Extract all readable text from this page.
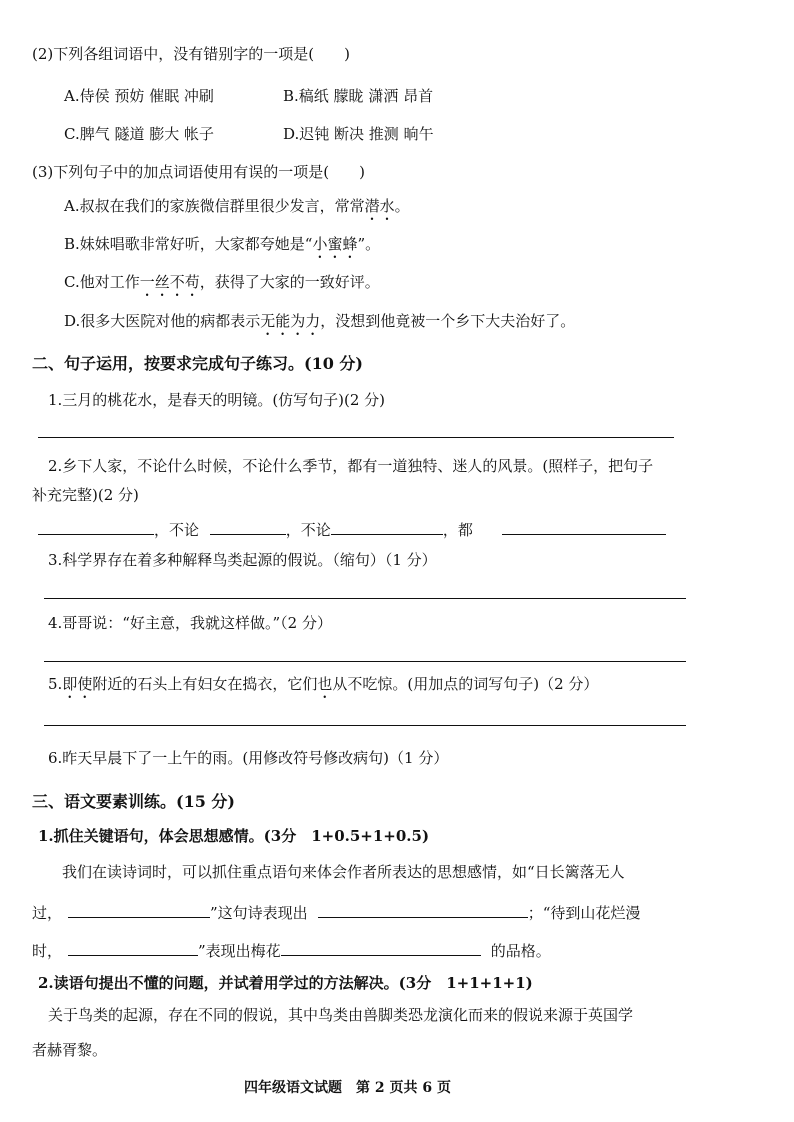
(2)下列各组词语中，没有错别字的一项是(　　)
A.侍侯 预妨 催眠 冲刷	B.稿纸 朦眬 潇洒 昂首
C.脾气 隧道 膨大 帐子	D.迟钝 断决 推测 晌午
(3)下列句子中的加点词语使用有误的一项是(　　)
A.叔叔在我们的家族微信群里很少发言，常常潜水。
B.妹妹唱歌非常好听，大家都夸她是“小蜜蜂”。
C.他对工作一丝不苟，获得了大家的一致好评。
D.很多大医院对他的病都表示无能为力，没想到他竟被一个乡下大夫治好了。
二、句子运用，按要求完成句子练习。(10 分)
1.三月的桃花水，是春天的明镜。(仿写句子)(2 分)
2.乡下人家，不论什么时候，不论什么季节，都有一道独特、迷人的风景。(照样子，把句子
补充完整)(2 分)
，不论	，不论	，都
3.科学界存在着多种解释鸟类起源的假说。（缩句）（1 分）
4.哥哥说：“好主意，我就这样做。”（2 分）
5.即使附近的石头上有妇女在捣衣，它们也从不吃惊。(用加点的词写句子)（2 分）
6.昨天早晨下了一上午的雨。(用修改符号修改病句)（1 分）
三、语文要素训练。(15 分)
1.抓住关键语句，体会思想感情。(3分　1+0.5+1+0.5)
我们在读诗词时，可以抓住重点语句来体会作者所表达的思想感情，如“日长篱落无人
过，	”这句诗表现出	；“待到山花烂漫
时，	”表现出梅花	的品格。
2.读语句提出不懂的问题，并试着用学过的方法解决。(3分　1+1+1+1)
关于鸟类的起源，存在不同的假说，其中鸟类由兽脚类恐龙演化而来的假说来源于英国学
者赫胥黎。
四年级语文试题　第 2 页共 6 页
